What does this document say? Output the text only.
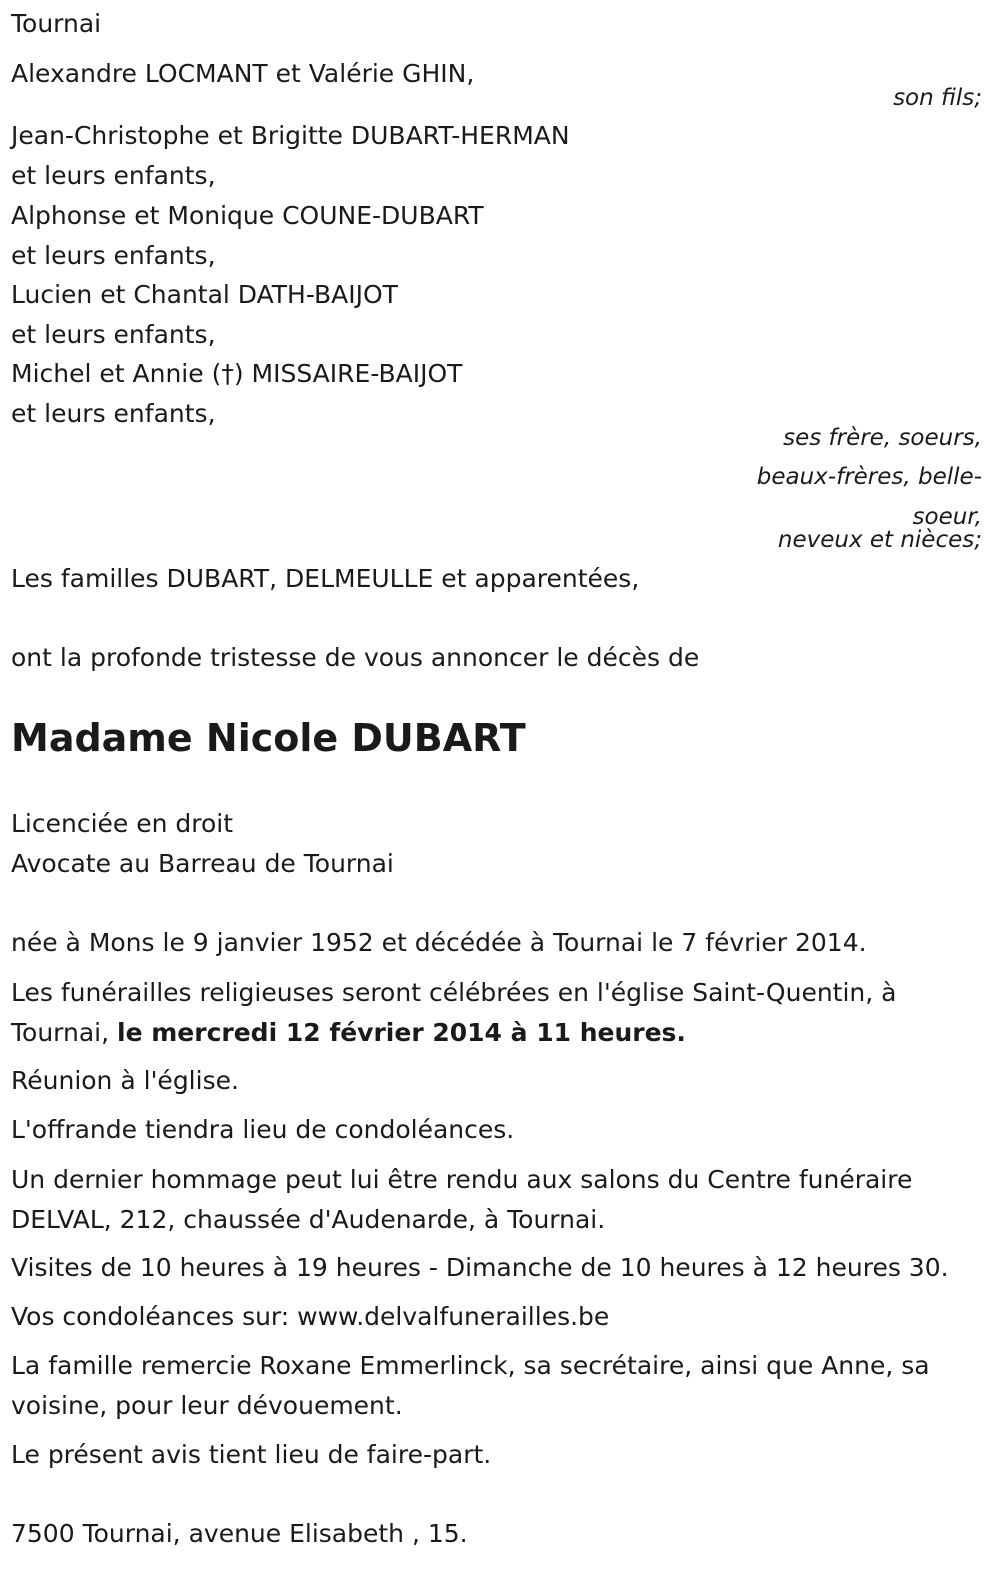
Tournai
Alexandre LOCMANT et Valérie GHIN,
son fils;
Jean-Christophe et Brigitte DUBART-HERMAN
et leurs enfants,
Alphonse et Monique COUNE-DUBART
et leurs enfants,
Lucien et Chantal DATH-BAIJOT
et leurs enfants,
Michel et Annie (†) MISSAIRE-BAIJOT
et leurs enfants,
ses frère, soeurs,
beaux-frères, belle-
soeur,
neveux et nièces;
Les familles DUBART, DELMEULLE et apparentées,
ont la profonde tristesse de vous annoncer le décès de
Madame Nicole DUBART
Licenciée en droit
Avocate au Barreau de Tournai
née à Mons le 9 janvier 1952 et décédée à Tournai le 7 février 2014.
Les funérailles religieuses seront célébrées en l'église Saint-Quentin, à Tournai, le mercredi 12 février 2014 à 11 heures.
Réunion à l'église.
L'offrande tiendra lieu de condoléances.
Un dernier hommage peut lui être rendu aux salons du Centre funéraire DELVAL, 212, chaussée d'Audenarde, à Tournai.
Visites de 10 heures à 19 heures - Dimanche de 10 heures à 12 heures 30.
Vos condoléances sur: www.delvalfunerailles.be
La famille remercie Roxane Emmerlinck, sa secrétaire, ainsi que Anne, sa voisine, pour leur dévouement.
Le présent avis tient lieu de faire-part.
7500 Tournai, avenue Elisabeth , 15.
